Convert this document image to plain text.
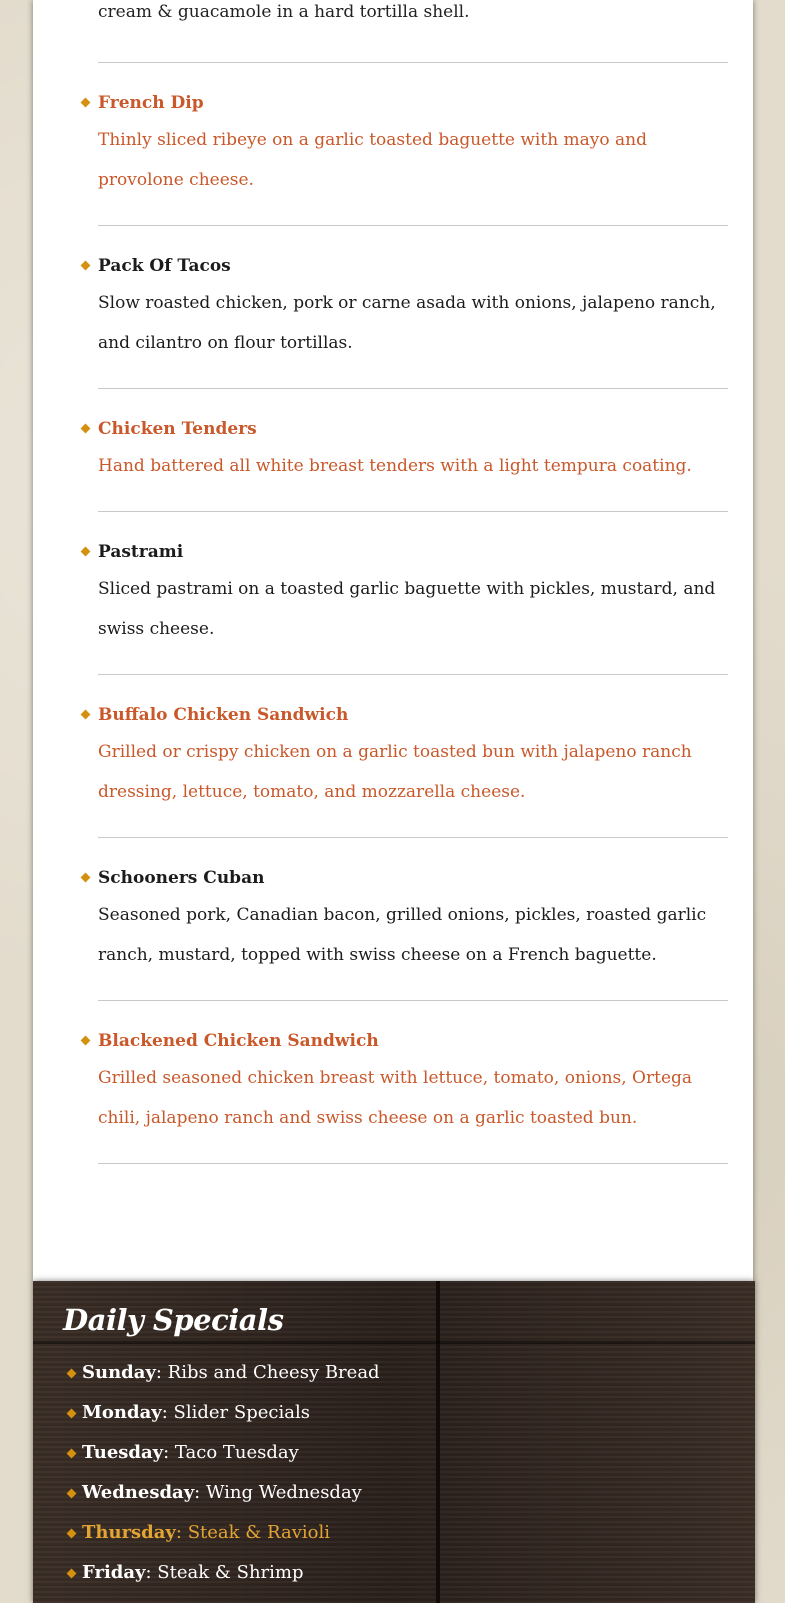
cream & guacamole in a hard tortilla shell.

French Dip
Thinly sliced ribeye on a garlic toasted baguette with mayo and provolone cheese.
Pack Of Tacos
Slow roasted chicken, pork or carne asada with onions, jalapeno ranch, and cilantro on flour tortillas.
Chicken Tenders
Hand battered all white breast tenders with a light tempura coating.
Pastrami
Sliced pastrami on a toasted garlic baguette with pickles, mustard, and swiss cheese.
Buffalo Chicken Sandwich
Grilled or crispy chicken on a garlic toasted bun with jalapeno ranch dressing, lettuce, tomato, and mozzarella cheese.
Schooners Cuban
Seasoned pork, Canadian bacon, grilled onions, pickles, roasted garlic ranch, mustard, topped with swiss cheese on a French baguette.
Blackened Chicken Sandwich
Grilled seasoned chicken breast with lettuce, tomato, onions, Ortega chili, jalapeno ranch and swiss cheese on a garlic toasted bun.
Daily Specials
Sunday: Ribs and Cheesy Bread
Monday: Slider Specials
Tuesday: Taco Tuesday
Wednesday: Wing Wednesday
Thursday: Steak & Ravioli
Friday: Steak & Shrimp
